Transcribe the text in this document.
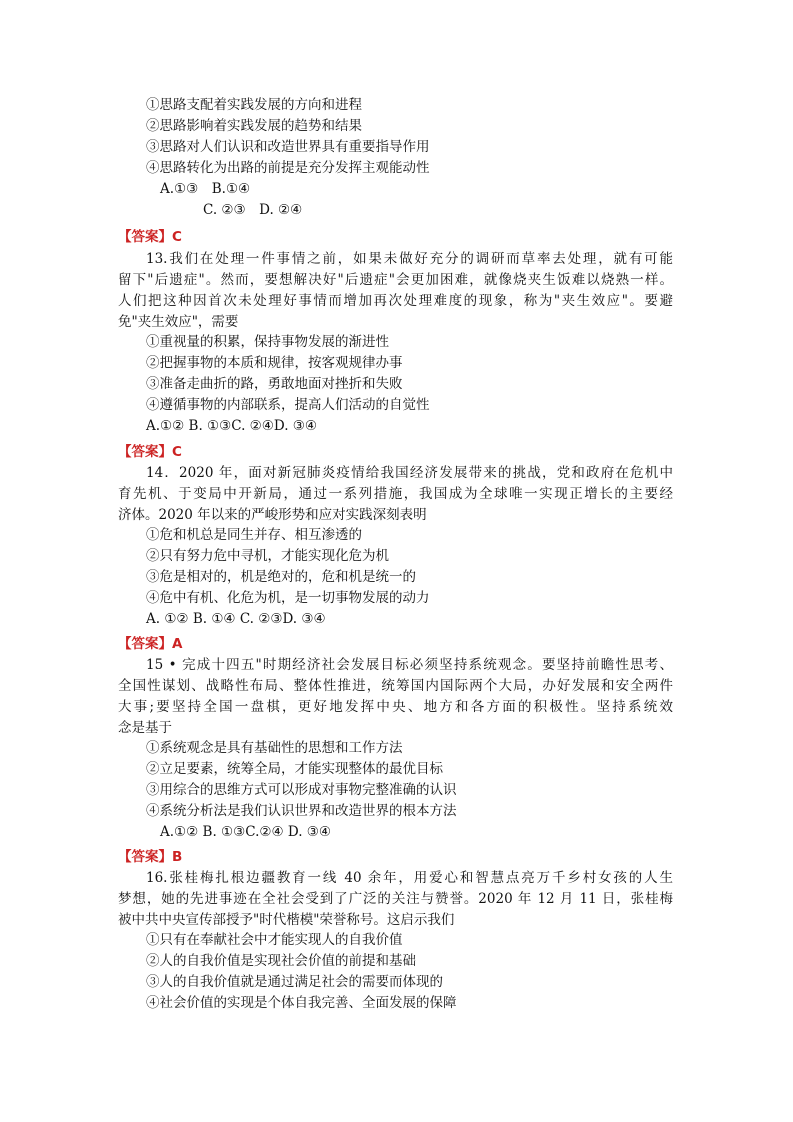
①思路支配着实践发展的方向和进程
②思路影响着实践发展的趋势和结果
③思路对人们认识和改造世界具有重要指导作用
④思路转化为出路的前提是充分发挥主观能动性
A.①③　B.①④
C. ②③　D. ②④
【答案】C
13.我们在处理一件事情之前，如果未做好充分的调研而草率去处理，就有可能
留下"后遗症"。然而，要想解决好"后遗症"会更加困难，就像烧夹生饭难以烧熟一样。
人们把这种因首次未处理好事情而增加再次处理难度的现象，称为"夹生效应"。要避
免"夹生效应"，需要
①重视量的积累，保持事物发展的渐进性
②把握事物的本质和规律，按客观规律办事
③准备走曲折的路，勇敢地面对挫折和失败
④遵循事物的内部联系，提高人们活动的自觉性
A.①② B. ①③C. ②④D. ③④
【答案】C
14．2020 年，面对新冠肺炎疫情给我国经济发展带来的挑战，党和政府在危机中
育先机、于变局中开新局，通过一系列措施，我国成为全球唯一实现正增长的主要经
济体。2020 年以来的严峻形势和应对实践深刻表明
①危和机总是同生并存、相互渗透的
②只有努力危中寻机，才能实现化危为机
③危是相对的，机是绝对的，危和机是统一的
④危中有机、化危为机，是一切事物发展的动力
A. ①② B. ①④ C. ②③D. ③④
【答案】A
15 • 完成十四五"时期经济社会发展目标必须坚持系统观念。要坚持前瞻性思考、
全国性谋划、战略性布局、整体性推进，统筹国内国际两个大局，办好发展和安全两件
大事;要坚持全国一盘棋，更好地发挥中央、地方和各方面的积极性。坚持系统效
念是基于
①系统观念是具有基础性的思想和工作方法
②立足要素，统筹全局，才能实现整体的最优目标
③用综合的思维方式可以形成对事物完整准确的认识
④系统分析法是我们认识世界和改造世界的根本方法
A.①② B. ①③C.②④ D. ③④
【答案】B
16.张桂梅扎根边疆教育一线 40 余年，用爱心和智慧点亮万千乡村女孩的人生
梦想，她的先进事迹在全社会受到了广泛的关注与赞誉。2020 年 12 月 11 日，张桂梅
被中共中央宣传部授予"时代楷模"荣誉称号。这启示我们
①只有在奉献社会中才能实现人的自我价值
②人的自我价值是实现社会价值的前提和基础
③人的自我价值就是通过满足社会的需要而体现的
④社会价值的实现是个体自我完善、全面发展的保障
